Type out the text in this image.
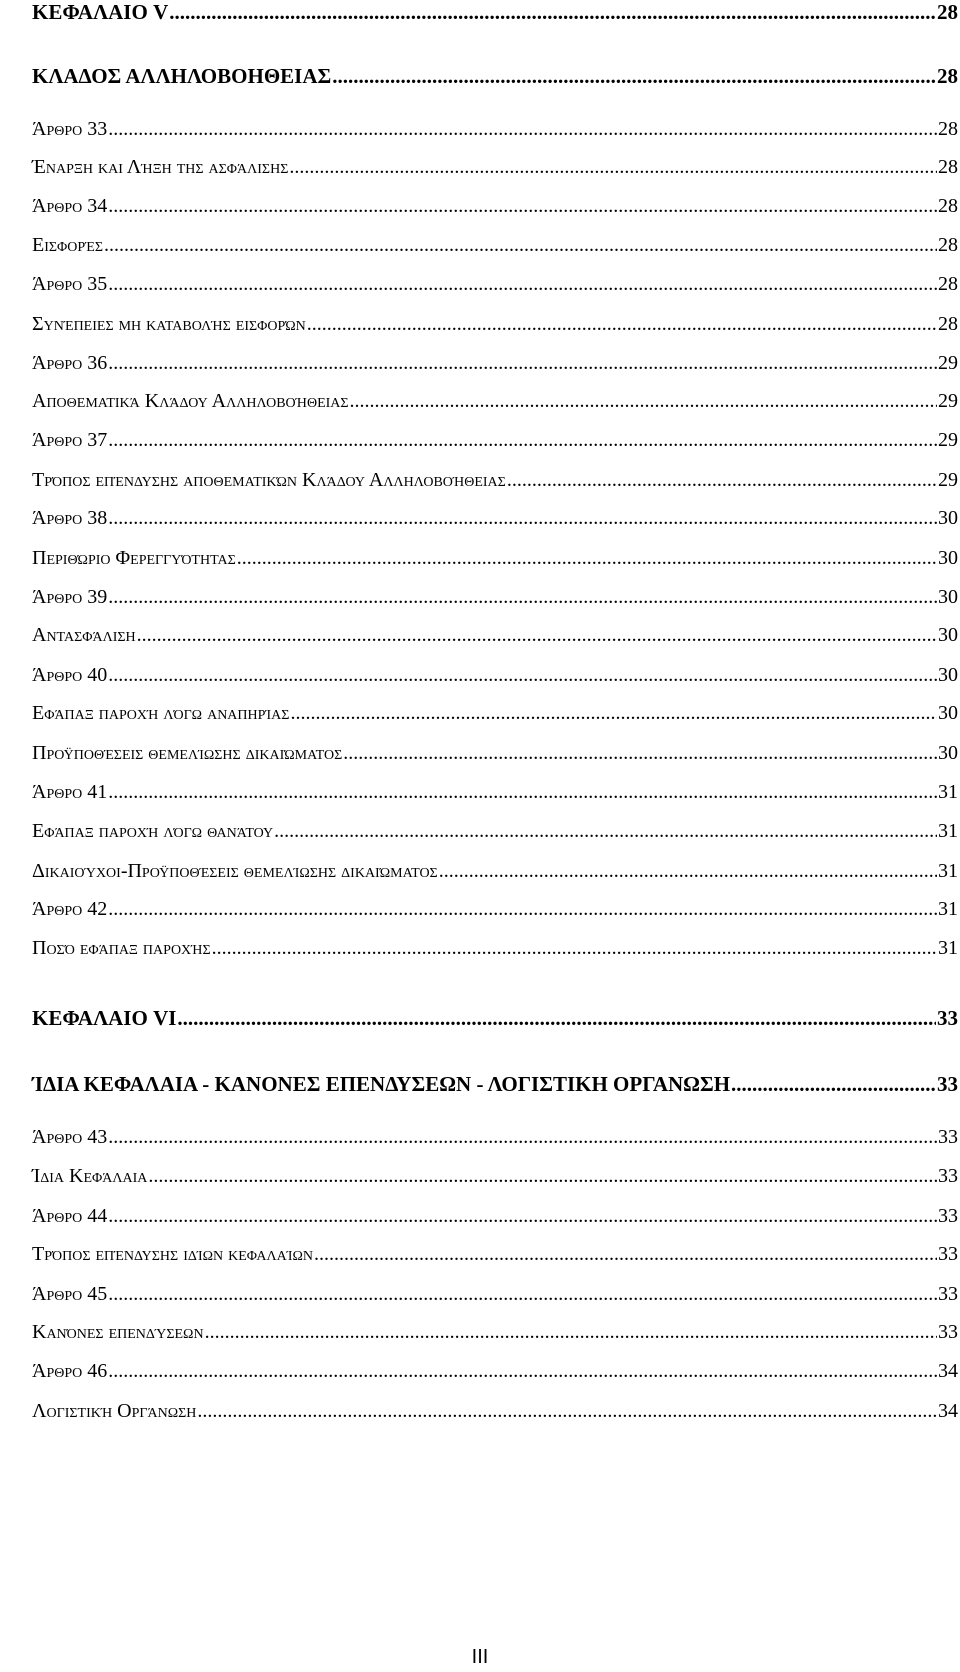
ΚΕΦΑΛΑΙΟ V .....	28
ΚΛΑΔΟΣ ΑΛΛΗΛΟΒΟΗΘΕΙΑΣ .....	28
Άρθρο 33 .....	28
Έναρξη και Λήξη της ασφάλισης .....	28
Άρθρο 34 .....	28
Εισφορές .....	28
Άρθρο 35 .....	28
Συνέπειες μη καταβολής εισφορών .....	28
Άρθρο 36 .....	29
Αποθεματικά Κλάδου Αλληλοβοήθειας .....	29
Άρθρο 37 .....	29
Τρόπος επένδυσης αποθεματικών Κλάδου Αλληλοβοήθειας .....	29
Άρθρο 38 .....	30
Περιθώριο Φερεγγυότητας .....	30
Άρθρο 39 .....	30
Αντασφάλιση .....	30
Άρθρο 40 .....	30
Εφάπαξ παροχή λόγω αναπηρίας .....	30
Προϋποθέσεις θεμελίωσης δικαιώματος .....	30
Άρθρο 41 .....	31
Εφάπαξ παροχή λόγω θανάτου .....	31
Δικαιούχοι-Προϋποθέσεις θεμελίωσης δικαιώματος .....	31
Άρθρο 42 .....	31
Ποσό εφάπαξ παροχής .....	31
ΚΕΦΑΛΑΙΟ VI .....	33
ΊΔΙΑ ΚΕΦΑΛΑΙΑ - ΚΑΝΟΝΕΣ ΕΠΕΝΔΥΣΕΩΝ - ΛΟΓΙΣΤΙΚΗ ΟΡΓΑΝΩΣΗ .....	33
Άρθρο 43 .....	33
Ίδια Κεφάλαια .....	33
Άρθρο 44 .....	33
Τρόπος επένδυσης ιδίων κεφαλαίων .....	33
Άρθρο 45 .....	33
Κανόνες επενδύσεων .....	33
Άρθρο 46 .....	34
Λογιστική Οργάνωση .....	34
III
